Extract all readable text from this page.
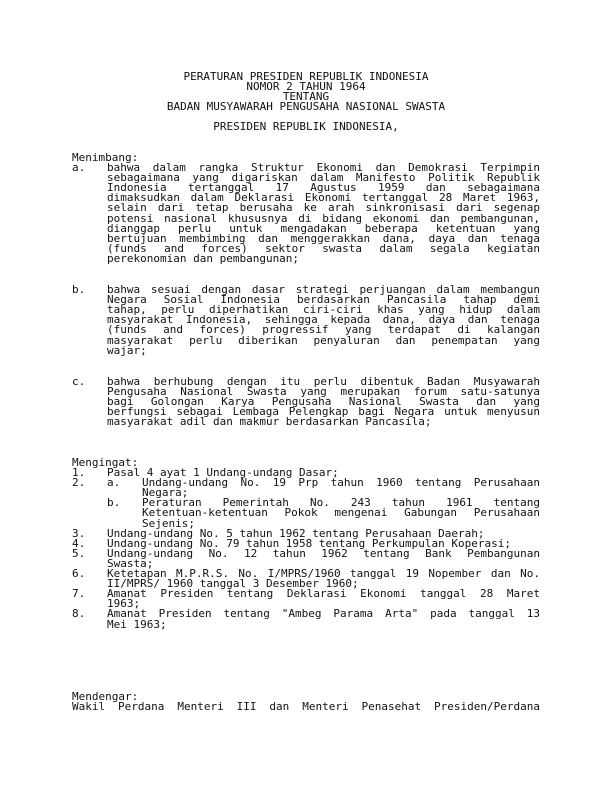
PERATURAN PRESIDEN REPUBLIK INDONESIA
NOMOR 2 TAHUN 1964
TENTANG
BADAN MUSYAWARAH PENGUSAHA NASIONAL SWASTA
PRESIDEN REPUBLIK INDONESIA,
Menimbang:
a.	bahwa dalam rangka Struktur Ekonomi dan Demokrasi Terpimpin
sebagaimana yang digariskan dalam Manifesto Politik Republik
Indonesia tertanggal 17 Agustus 1959 dan sebagaimana
dimaksudkan dalam Deklarasi Ekonomi tertanggal 28 Maret 1963,
selain dari tetap berusaha ke arah sinkronisasi dari segenap
potensi nasional khususnya di bidang ekonomi dan pembangunan,
dianggap perlu untuk mengadakan beberapa ketentuan yang
bertujuan membimbing dan menggerakkan dana, daya dan tenaga
(funds and forces) sektor swasta dalam segala kegiatan
perekonomian dan pembangunan;
b.	bahwa sesuai dengan dasar strategi perjuangan dalam membangun
Negara Sosial Indonesia berdasarkan Pancasila tahap demi
tahap, perlu diperhatikan ciri-ciri khas yang hidup dalam
masyarakat Indonesia, sehingga kepada dana, daya dan tenaga
(funds and forces) progressif yang terdapat di kalangan
masyarakat perlu diberikan penyaluran dan penempatan yang
wajar;
c.	bahwa berhubung dengan itu perlu dibentuk Badan Musyawarah
Pengusaha Nasional Swasta yang merupakan forum satu-satunya
bagi Golongan Karya Pengusaha Nasional Swasta dan yang
berfungsi sebagai Lembaga Pelengkap bagi Negara untuk menyusun
masyarakat adil dan makmur berdasarkan Pancasila;
Mengingat:
1.	Pasal 4 ayat 1 Undang-undang Dasar;
2.	a.	Undang-undang No. 19 Prp tahun 1960 tentang Perusahaan
Negara;
b.	Peraturan Pemerintah No. 243 tahun 1961 tentang
Ketentuan-ketentuan Pokok mengenai Gabungan Perusahaan
Sejenis;
3.	Undang-undang No. 5 tahun 1962 tentang Perusahaan Daerah;
4.	Undang-undang No. 79 tahun 1958 tentang Perkumpulan Koperasi;
5.	Undang-undang No. 12 tahun 1962 tentang Bank Pembangunan
Swasta;
6.	Ketetapan M.P.R.S. No. I/MPRS/1960 tanggal 19 Nopember dan No.
II/MPRS/ 1960 tanggal 3 Desember 1960;
7.	Amanat Presiden tentang Deklarasi Ekonomi tanggal 28 Maret
1963;
8.	Amanat Presiden tentang "Ambeg Parama Arta" pada tanggal 13
Mei 1963;
Mendengar:
Wakil Perdana Menteri III dan Menteri Penasehat Presiden/Perdana
